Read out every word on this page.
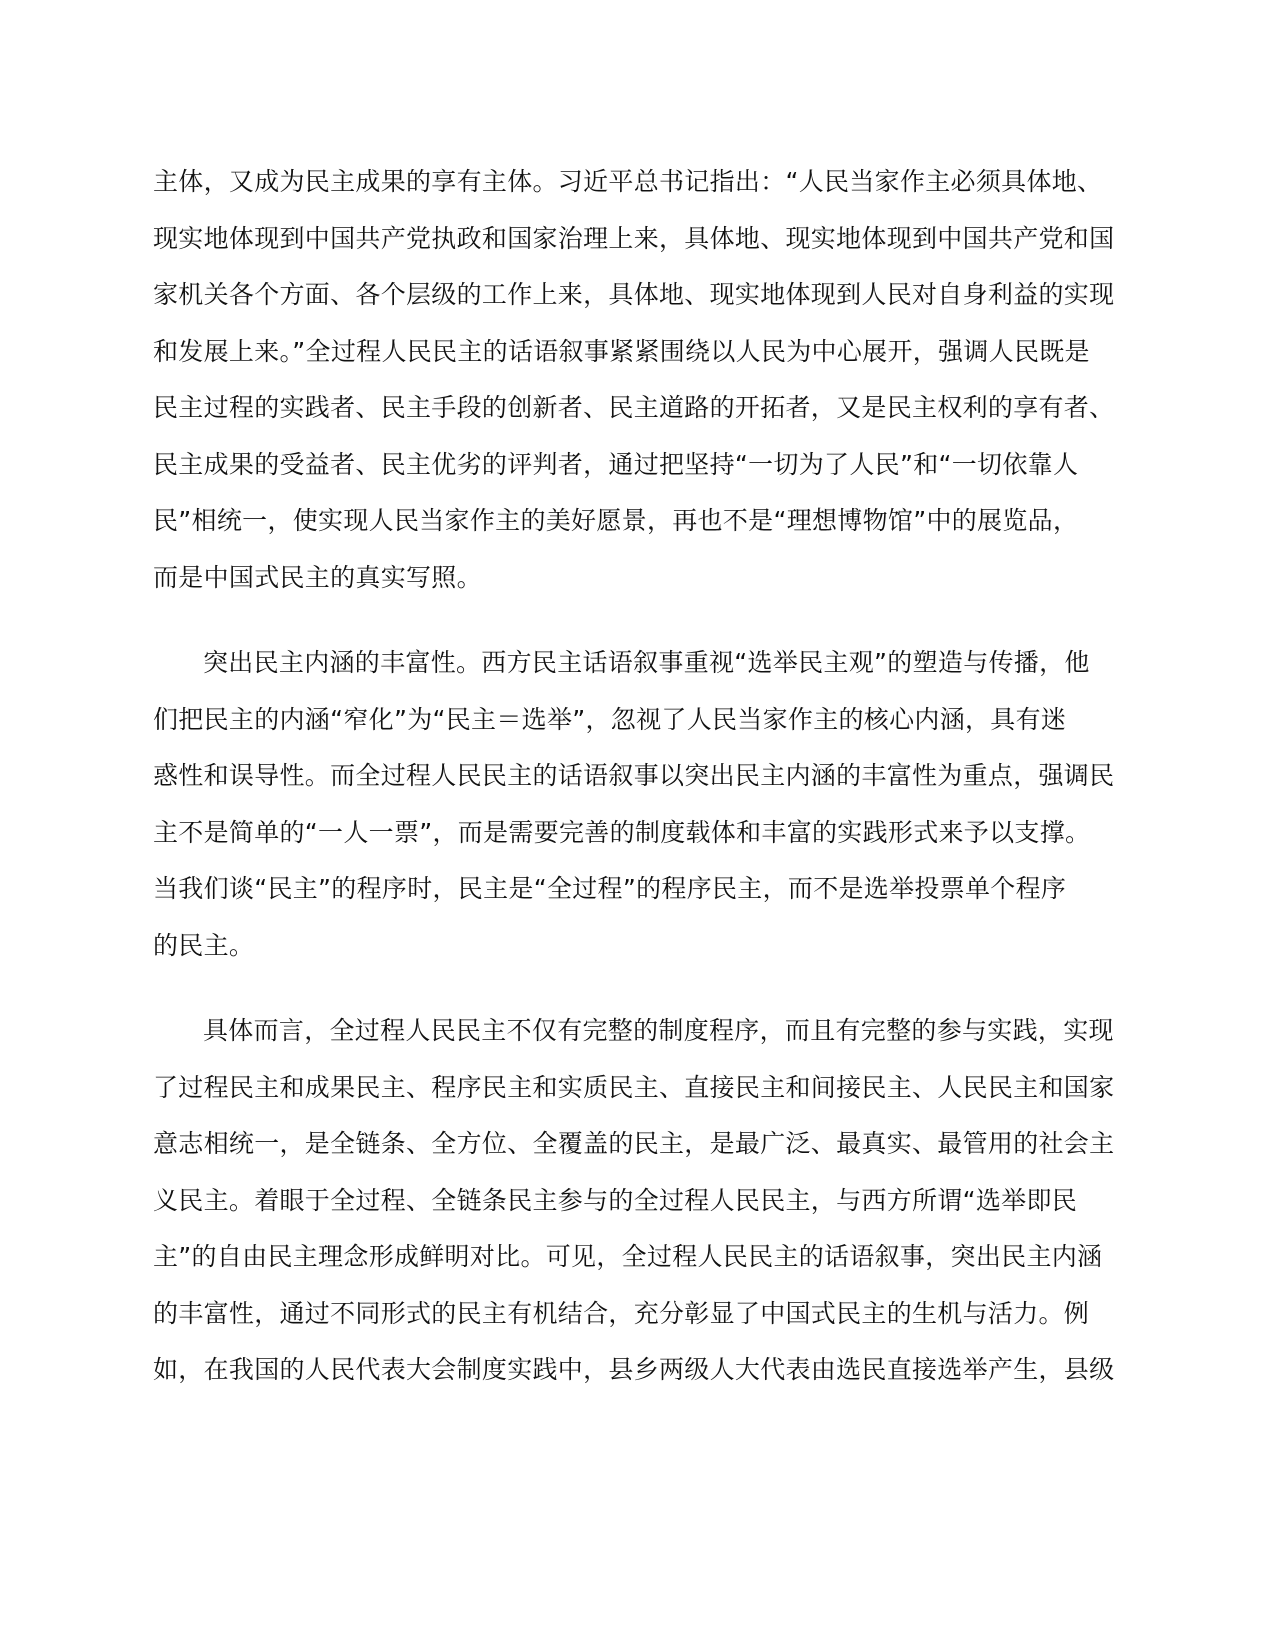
主体，又成为民主成果的享有主体。习近平总书记指出：“人民当家作主必须具体地、
现实地体现到中国共产党执政和国家治理上来，具体地、现实地体现到中国共产党和国
家机关各个方面、各个层级的工作上来，具体地、现实地体现到人民对自身利益的实现
和发展上来。”全过程人民民主的话语叙事紧紧围绕以人民为中心展开，强调人民既是
民主过程的实践者、民主手段的创新者、民主道路的开拓者，又是民主权利的享有者、
民主成果的受益者、民主优劣的评判者，通过把坚持“一切为了人民”和“一切依靠人
民”相统一，使实现人民当家作主的美好愿景，再也不是“理想博物馆”中的展览品，
而是中国式民主的真实写照。

突出民主内涵的丰富性。西方民主话语叙事重视“选举民主观”的塑造与传播，他
们把民主的内涵“窄化”为“民主＝选举”，忽视了人民当家作主的核心内涵，具有迷
惑性和误导性。而全过程人民民主的话语叙事以突出民主内涵的丰富性为重点，强调民
主不是简单的“一人一票”，而是需要完善的制度载体和丰富的实践形式来予以支撑。
当我们谈“民主”的程序时，民主是“全过程”的程序民主，而不是选举投票单个程序
的民主。

具体而言，全过程人民民主不仅有完整的制度程序，而且有完整的参与实践，实现
了过程民主和成果民主、程序民主和实质民主、直接民主和间接民主、人民民主和国家
意志相统一，是全链条、全方位、全覆盖的民主，是最广泛、最真实、最管用的社会主
义民主。着眼于全过程、全链条民主参与的全过程人民民主，与西方所谓“选举即民
主”的自由民主理念形成鲜明对比。可见，全过程人民民主的话语叙事，突出民主内涵
的丰富性，通过不同形式的民主有机结合，充分彰显了中国式民主的生机与活力。例
如，在我国的人民代表大会制度实践中，县乡两级人大代表由选民直接选举产生，县级
